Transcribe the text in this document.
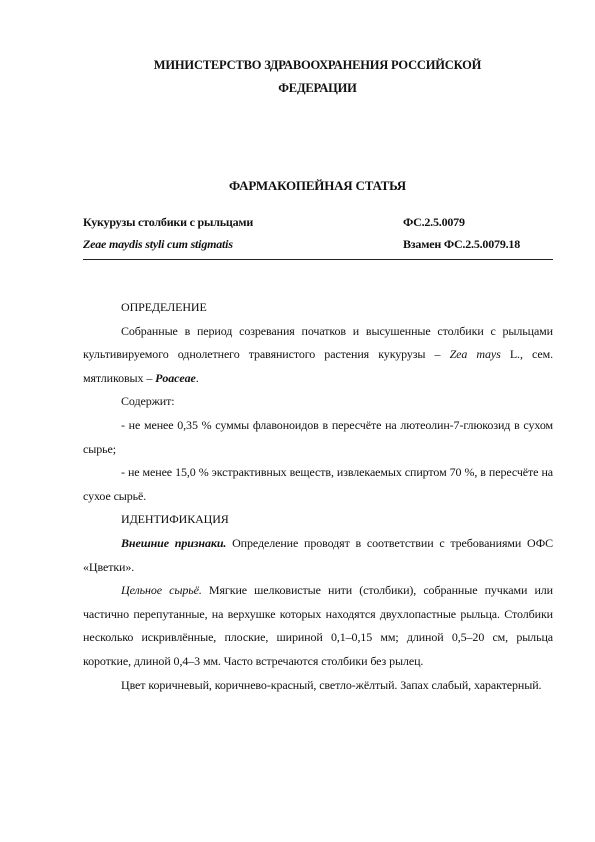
МИНИСТЕРСТВО ЗДРАВООХРАНЕНИЯ РОССИЙСКОЙ
ФЕДЕРАЦИИ
ФАРМАКОПЕЙНАЯ СТАТЬЯ
Кукурузы столбики с рыльцами	ФС.2.5.0079
Zeae maydis styli cum stigmatis	Взамен ФС.2.5.0079.18

ОПРЕДЕЛЕНИЕ

Собранные в период созревания початков и высушенные столбики с рыльцами культивируемого однолетнего травянистого растения кукурузы – Zea mays L., сем. мятликовых – Poaceae.

Содержит:

- не менее 0,35 % суммы флавоноидов в пересчёте на лютеолин-7-глюкозид в сухом сырье;

- не менее 15,0 % экстрактивных веществ, извлекаемых спиртом 70 %, в пересчёте на сухое сырьё.

ИДЕНТИФИКАЦИЯ

Внешние признаки. Определение проводят в соответствии с требованиями ОФС «Цветки».

Цельное сырьё. Мягкие шелковистые нити (столбики), собранные пучками или частично перепутанные, на верхушке которых находятся двухлопастные рыльца. Столбики несколько искривлённые, плоские, шириной 0,1–0,15 мм; длиной 0,5–20 см, рыльца короткие, длиной 0,4–3 мм. Часто встречаются столбики без рылец.

Цвет коричневый, коричнево-красный, светло-жёлтый. Запах слабый, характерный.
